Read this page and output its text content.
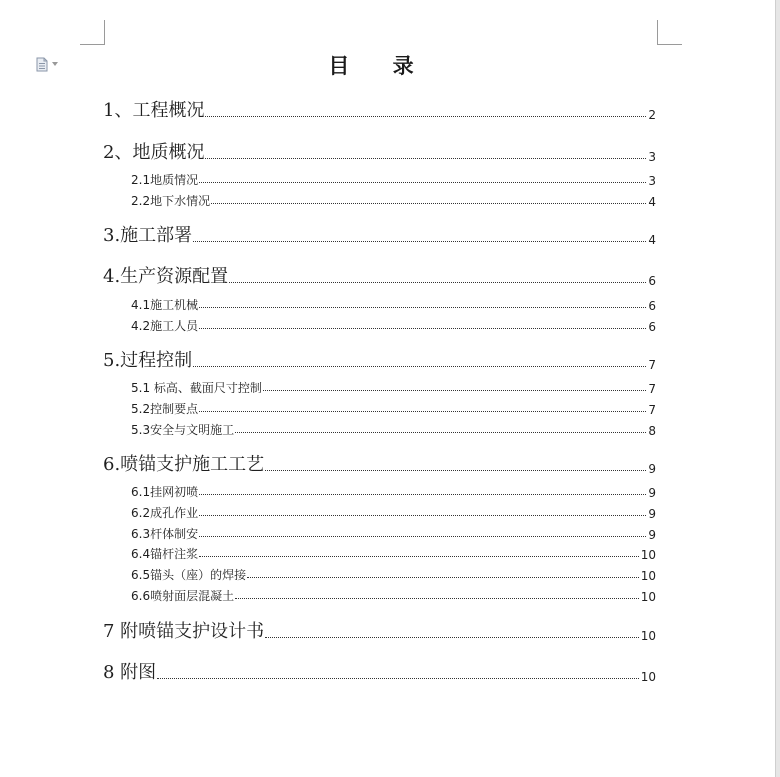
目 录
1、工程概况	2
2、地质概况	3
2.1地质情况	3
2.2地下水情况	4
3.施工部署	4
4.生产资源配置	6
4.1施工机械	6
4.2施工人员	6
5.过程控制	7
5.1 标高、截面尺寸控制	7
5.2控制要点	7
5.3安全与文明施工	8
6.喷锚支护施工工艺	9
6.1挂网初喷	9
6.2成孔作业	9
6.3杆体制安	9
6.4锚杆注浆	10
6.5锚头（座）的焊接	10
6.6喷射面层混凝土	10
7 附喷锚支护设计书	10
8 附图	10
